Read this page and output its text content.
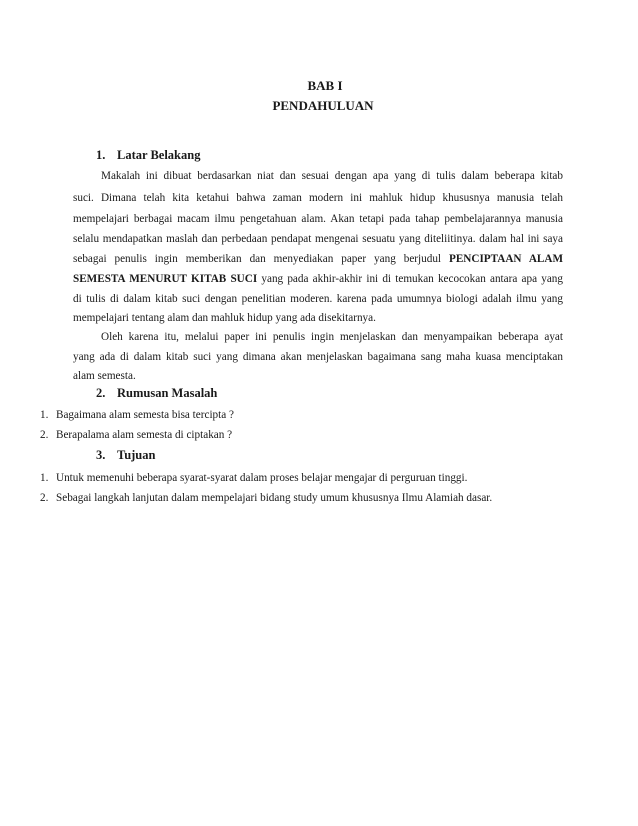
BAB I
PENDAHULUAN
1. Latar Belakang
Makalah ini dibuat berdasarkan niat dan sesuai dengan apa yang di tulis dalam beberapa kitab
suci. Dimana telah kita ketahui bahwa zaman modern ini mahluk hidup khususnya manusia telah
mempelajari berbagai macam ilmu pengetahuan alam. Akan tetapi pada tahap pembelajarannya manusia
selalu mendapatkan maslah dan perbedaan pendapat mengenai sesuatu yang diteliitinya. dalam hal ini saya
sebagai penulis ingin memberikan dan menyediakan paper yang berjudul PENCIPTAAN ALAM
SEMESTA MENURUT KITAB SUCI yang pada akhir-akhir ini di temukan kecocokan antara apa yang
di tulis di dalam kitab suci dengan penelitian moderen. karena pada umumnya biologi adalah ilmu yang
mempelajari tentang alam dan mahluk hidup yang ada disekitarnya.
Oleh karena itu, melalui paper ini penulis ingin menjelaskan dan menyampaikan beberapa ayat
yang ada di dalam kitab suci yang dimana akan menjelaskan bagaimana sang maha kuasa menciptakan
2. Rumusan Masalah
1. Bagaimana alam semesta bisa tercipta ?
2. Berapalama alam semesta di ciptakan ?
3. Tujuan
1. Untuk memenuhi beberapa syarat-syarat dalam proses belajar mengajar di perguruan tinggi.
2. Sebagai langkah lanjutan dalam mempelajari bidang study umum khususnya Ilmu Alamiah dasar.
alam semesta.
